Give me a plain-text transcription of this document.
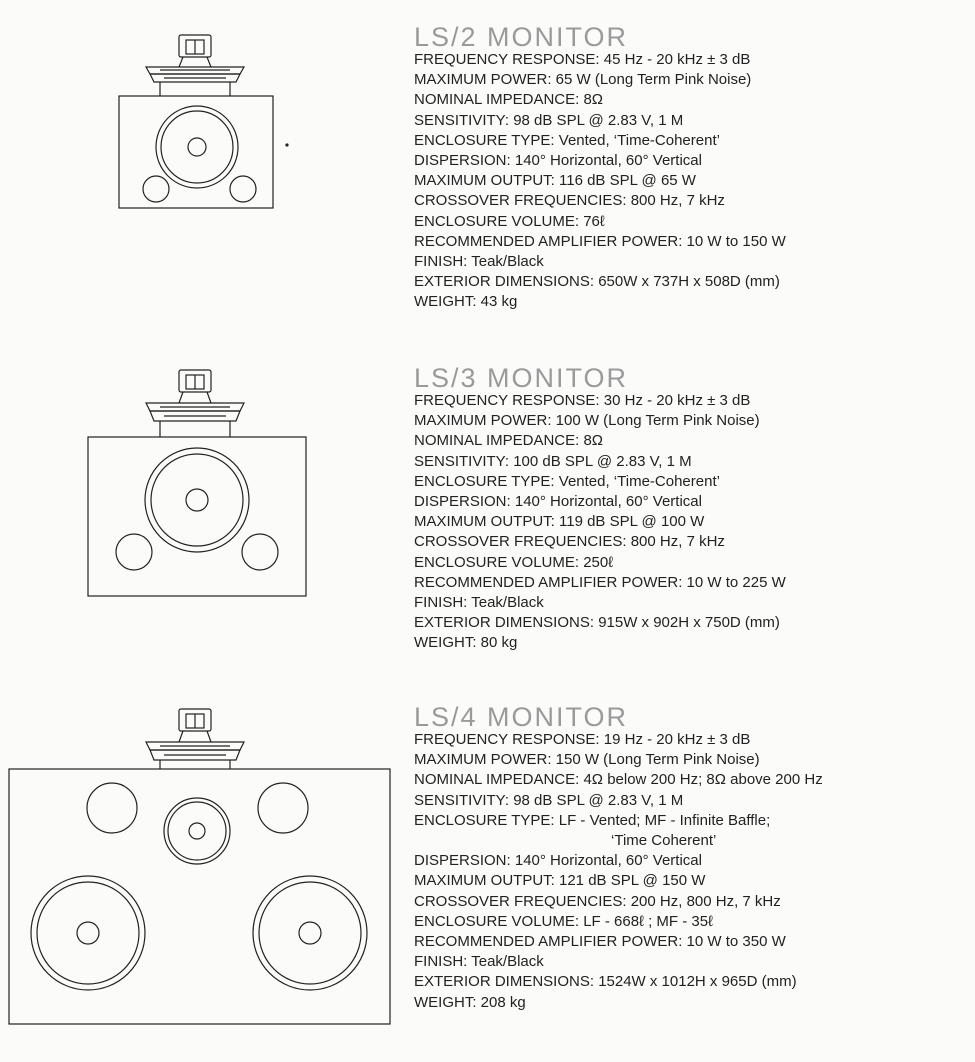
LS/2 MONITOR
FREQUENCY RESPONSE: 45 Hz - 20 kHz ± 3 dB
MAXIMUM POWER: 65 W (Long Term Pink Noise)
NOMINAL IMPEDANCE: 8Ω
SENSITIVITY: 98 dB SPL @ 2.83 V, 1 M
ENCLOSURE TYPE: Vented, ‘Time-Coherent’
DISPERSION: 140° Horizontal, 60° Vertical
MAXIMUM OUTPUT: 116 dB SPL @ 65 W
CROSSOVER FREQUENCIES: 800 Hz, 7 kHz
ENCLOSURE VOLUME: 76ℓ
RECOMMENDED AMPLIFIER POWER: 10 W to 150 W
FINISH: Teak/Black
EXTERIOR DIMENSIONS: 650W x 737H x 508D (mm)
WEIGHT: 43 kg
LS/3 MONITOR
FREQUENCY RESPONSE: 30 Hz - 20 kHz ± 3 dB
MAXIMUM POWER: 100 W (Long Term Pink Noise)
NOMINAL IMPEDANCE: 8Ω
SENSITIVITY: 100 dB SPL @ 2.83 V, 1 M
ENCLOSURE TYPE: Vented, ‘Time-Coherent’
DISPERSION: 140° Horizontal, 60° Vertical
MAXIMUM OUTPUT: 119 dB SPL @ 100 W
CROSSOVER FREQUENCIES: 800 Hz, 7 kHz
ENCLOSURE VOLUME: 250ℓ
RECOMMENDED AMPLIFIER POWER: 10 W to 225 W
FINISH: Teak/Black
EXTERIOR DIMENSIONS: 915W x 902H x 750D (mm)
WEIGHT: 80 kg
LS/4 MONITOR
FREQUENCY RESPONSE: 19 Hz - 20 kHz ± 3 dB
MAXIMUM POWER: 150 W (Long Term Pink Noise)
NOMINAL IMPEDANCE: 4Ω below 200 Hz; 8Ω above 200 Hz
SENSITIVITY: 98 dB SPL @ 2.83 V, 1 M
ENCLOSURE TYPE: LF - Vented; MF - Infinite Baffle;
‘Time Coherent’
DISPERSION: 140° Horizontal, 60° Vertical
MAXIMUM OUTPUT: 121 dB SPL @ 150 W
CROSSOVER FREQUENCIES: 200 Hz, 800 Hz, 7 kHz
ENCLOSURE VOLUME: LF - 668ℓ ; MF - 35ℓ
RECOMMENDED AMPLIFIER POWER: 10 W to 350 W
FINISH: Teak/Black
EXTERIOR DIMENSIONS: 1524W x 1012H x 965D (mm)
WEIGHT: 208 kg
